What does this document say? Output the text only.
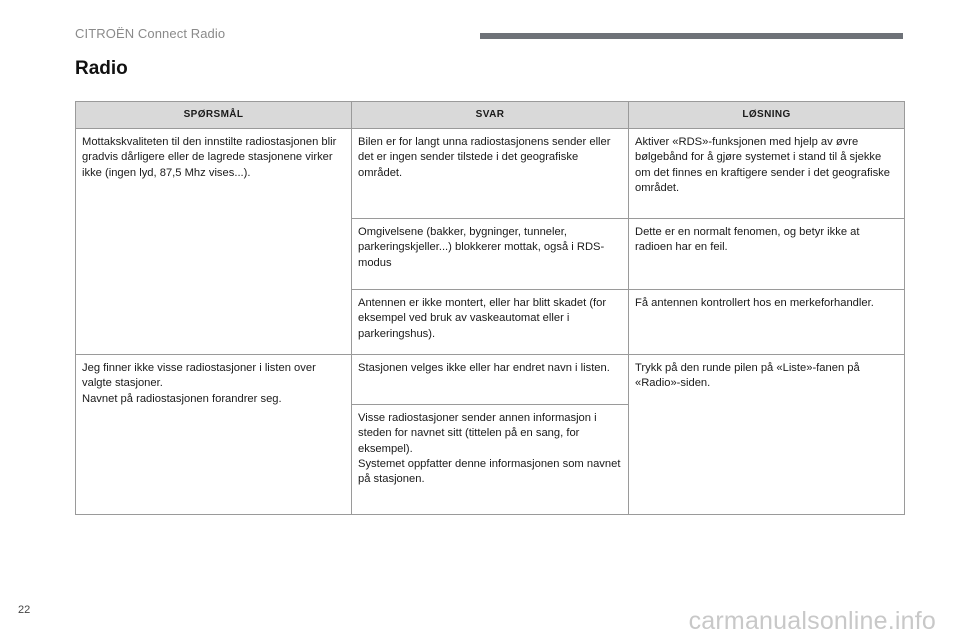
CITROËN Connect Radio
Radio
SPØRSMÅL	SVAR	LØSNING
Mottakskvaliteten til den innstilte radiostasjonen blir gradvis dårligere eller de lagrede stasjonene virker ikke (ingen lyd, 87,5 Mhz vises...).	Bilen er for langt unna radiostasjonens sender eller det er ingen sender tilstede i det geografiske området.	Aktiver «RDS»-funksjonen med hjelp av øvre bølgebånd for å gjøre systemet i stand til å sjekke om det finnes en kraftigere sender i det geografiske området.
	Omgivelsene (bakker, bygninger, tunneler, parkeringskjeller...) blokkerer mottak, også i RDS-modus	Dette er en normalt fenomen, og betyr ikke at radioen har en feil.
	Antennen er ikke montert, eller har blitt skadet (for eksempel ved bruk av vaskeautomat eller i parkeringshus).	Få antennen kontrollert hos en merkeforhandler.

Jeg finner ikke visse radiostasjoner i listen over valgte stasjoner.
Navnet på radiostasjonen forandrer seg.	Stasjonen velges ikke eller har endret navn i listen.	Trykk på den runde pilen på «Liste»-fanen på «Radio»-siden.

	Visse radiostasjoner sender annen informasjon i steden for navnet sitt (tittelen på en sang, for eksempel).
Systemet oppfatter denne informasjonen som navnet på stasjonen.	
22	carmanualsonline.info
